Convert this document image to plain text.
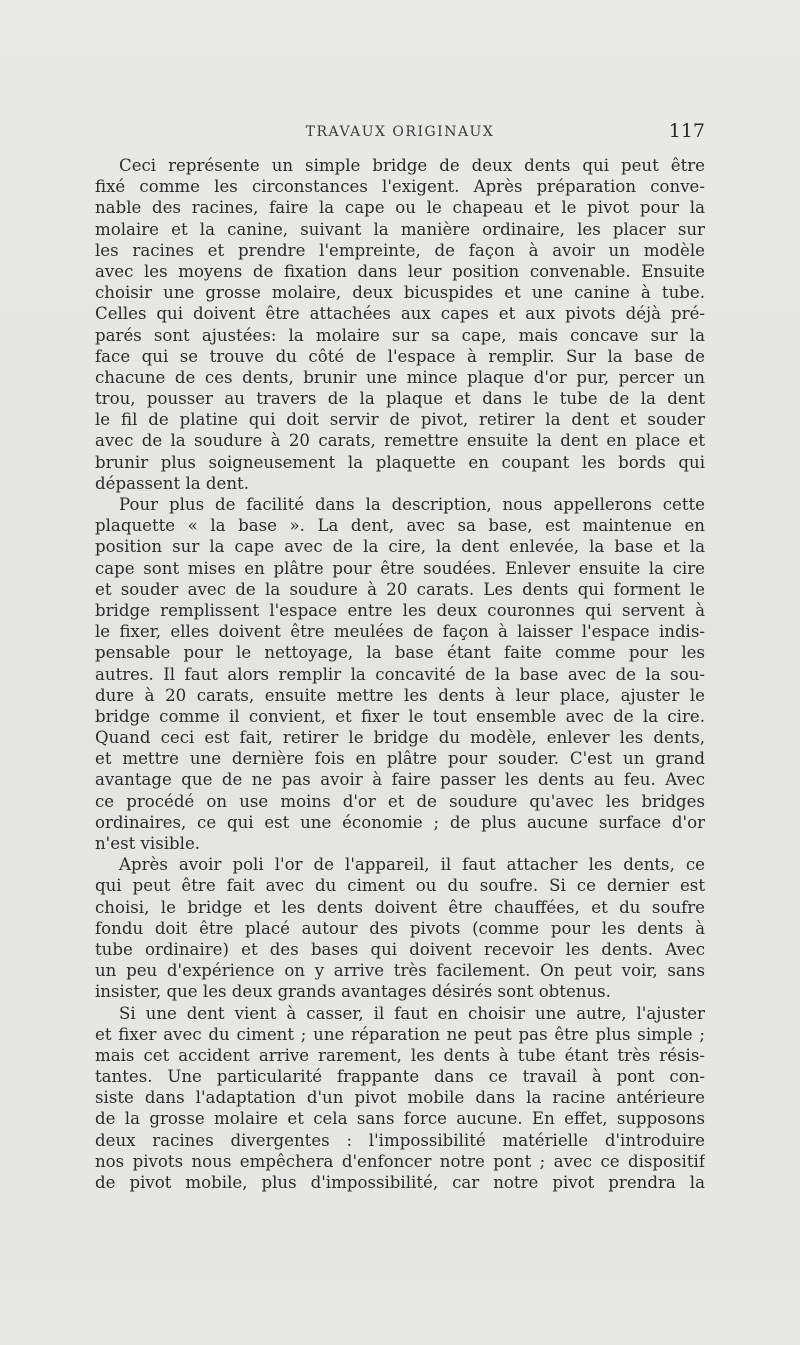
TRAVAUX ORIGINAUX	117
Ceci représente un simple bridge de deux dents qui peut être
fixé comme les circonstances l'exigent. Après préparation conve-
nable des racines, faire la cape ou le chapeau et le pivot pour la
molaire et la canine, suivant la manière ordinaire, les placer sur
les racines et prendre l'empreinte, de façon à avoir un modèle
avec les moyens de fixation dans leur position convenable. Ensuite
choisir une grosse molaire, deux bicuspides et une canine à tube.
Celles qui doivent être attachées aux capes et aux pivots déjà pré-
parés sont ajustées: la molaire sur sa cape, mais concave sur la
face qui se trouve du côté de l'espace à remplir. Sur la base de
chacune de ces dents, brunir une mince plaque d'or pur, percer un
trou, pousser au travers de la plaque et dans le tube de la dent
le fil de platine qui doit servir de pivot, retirer la dent et souder
avec de la soudure à 20 carats, remettre ensuite la dent en place et
brunir plus soigneusement la plaquette en coupant les bords qui
dépassent la dent.
Pour plus de facilité dans la description, nous appellerons cette
plaquette « la base ». La dent, avec sa base, est maintenue en
position sur la cape avec de la cire, la dent enlevée, la base et la
cape sont mises en plâtre pour être soudées. Enlever ensuite la cire
et souder avec de la soudure à 20 carats. Les dents qui forment le
bridge remplissent l'espace entre les deux couronnes qui servent à
le fixer, elles doivent être meulées de façon à laisser l'espace indis-
pensable pour le nettoyage, la base étant faite comme pour les
autres. Il faut alors remplir la concavité de la base avec de la sou-
dure à 20 carats, ensuite mettre les dents à leur place, ajuster le
bridge comme il convient, et fixer le tout ensemble avec de la cire.
Quand ceci est fait, retirer le bridge du modèle, enlever les dents,
et mettre une dernière fois en plâtre pour souder. C'est un grand
avantage que de ne pas avoir à faire passer les dents au feu. Avec
ce procédé on use moins d'or et de soudure qu'avec les bridges
ordinaires, ce qui est une économie ; de plus aucune surface d'or
n'est visible.
Après avoir poli l'or de l'appareil, il faut attacher les dents, ce
qui peut être fait avec du ciment ou du soufre. Si ce dernier est
choisi, le bridge et les dents doivent être chauffées, et du soufre
fondu doit être placé autour des pivots (comme pour les dents à
tube ordinaire) et des bases qui doivent recevoir les dents. Avec
un peu d'expérience on y arrive très facilement. On peut voir, sans
insister, que les deux grands avantages désirés sont obtenus.
Si une dent vient à casser, il faut en choisir une autre, l'ajuster
et fixer avec du ciment ; une réparation ne peut pas être plus simple ;
mais cet accident arrive rarement, les dents à tube étant très résis-
tantes. Une particularité frappante dans ce travail à pont con-
siste dans l'adaptation d'un pivot mobile dans la racine antérieure
de la grosse molaire et cela sans force aucune. En effet, supposons
deux racines divergentes : l'impossibilité matérielle d'introduire
nos pivots nous empêchera d'enfoncer notre pont ; avec ce dispositif
de pivot mobile, plus d'impossibilité, car notre pivot prendra la
